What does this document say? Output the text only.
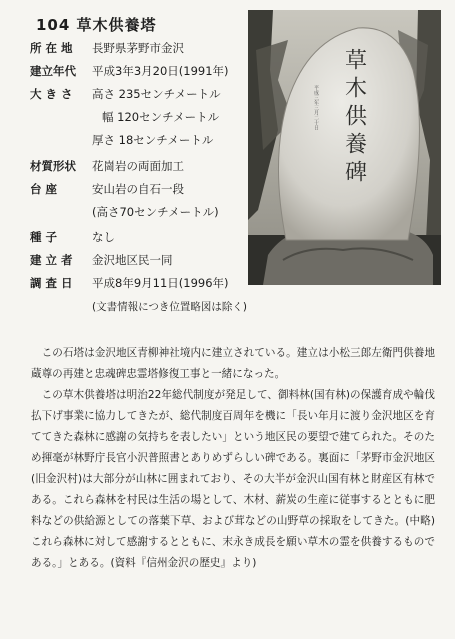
104 草木供養塔
所 在 地 長野県茅野市金沢
建立年代 平成3年3月20日(1991年)
大 き さ 高さ 235センチメートル
幅 120センチメートル
厚さ 18センチメートル
材質形状 花崗岩の両面加工
台 座	安山岩の自石一段
(高さ70センチメートル)
種 子	なし
建 立 者 金沢地区民一同
調 査 日 平成8年9月11日(1996年)
(文書情報につき位置略図は除く)
平成三年三月二十日 草木供養碑

この石塔は金沢地区青柳神社境内に建立されている。建立は小松三郎左衛門供養地蔵尊の再建と忠魂碑忠霊塔修復工事と一緒になった。

この草木供養塔は明治22年総代制度が発足して、御料林(国有林)の保護育成や輪伐払下げ事業に協力してきたが、総代制度百周年を機に「長い年月に渡り金沢地区を育ててきた森林に感謝の気持ちを表したい」という地区民の要望で建てられた。そのため揮毫が林野庁長官小沢普照書とありめずらしい碑である。裏面に「茅野市金沢地区(旧金沢村)は大部分が山林に囲まれており、その大半が金沢山国有林と財産区有林である。これら森林を村民は生活の場として、木材、薪炭の生産に従事するとともに肥料などの供給源としての落葉下草、および茸などの山野草の採取をしてきた。(中略)これら森林に対して感謝するとともに、末永き成長を願い草木の霊を供養するものである。」とある。(資料『信州金沢の歴史』より)
